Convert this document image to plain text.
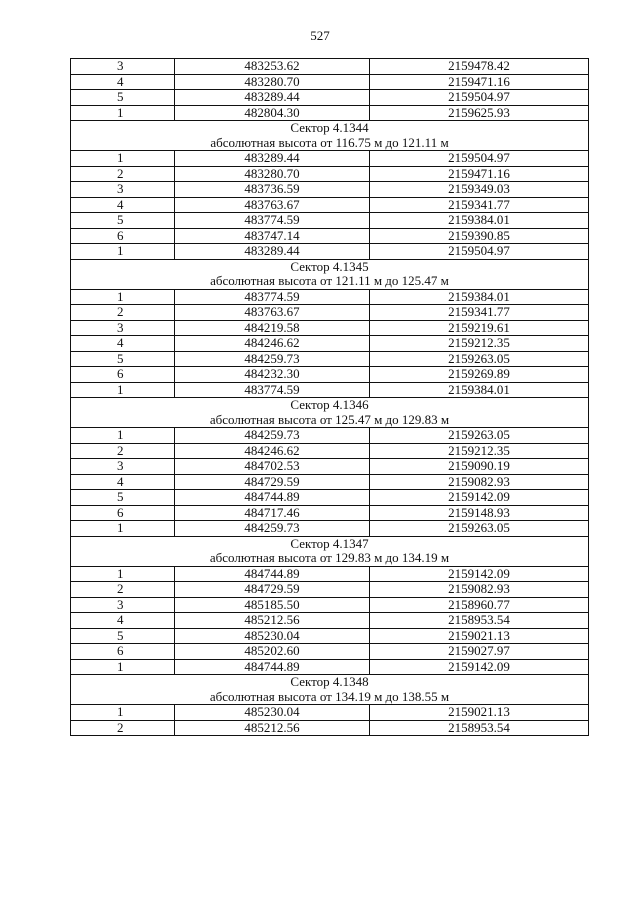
527
3	483253.62	2159478.42
4	483280.70	2159471.16
5	483289.44	2159504.97
1	482804.30	2159625.93
Сектор 4.1344		
абсолютная высота от 116.75 м до 121.11 м		
1	483289.44	2159504.97
2	483280.70	2159471.16
3	483736.59	2159349.03
4	483763.67	2159341.77
5	483774.59	2159384.01
6	483747.14	2159390.85
1	483289.44	2159504.97
Сектор 4.1345		
абсолютная высота от 121.11 м до 125.47 м		
1	483774.59	2159384.01
2	483763.67	2159341.77
3	484219.58	2159219.61
4	484246.62	2159212.35
5	484259.73	2159263.05
6	484232.30	2159269.89
1	483774.59	2159384.01
Сектор 4.1346		
абсолютная высота от 125.47 м до 129.83 м		
1	484259.73	2159263.05
2	484246.62	2159212.35
3	484702.53	2159090.19
4	484729.59	2159082.93
5	484744.89	2159142.09
6	484717.46	2159148.93
1	484259.73	2159263.05
Сектор 4.1347		
абсолютная высота от 129.83 м до 134.19 м		
1	484744.89	2159142.09
2	484729.59	2159082.93
3	485185.50	2158960.77
4	485212.56	2158953.54
5	485230.04	2159021.13
6	485202.60	2159027.97
1	484744.89	2159142.09
Сектор 4.1348		
абсолютная высота от 134.19 м до 138.55 м		
1	485230.04	2159021.13
2	485212.56	2158953.54
